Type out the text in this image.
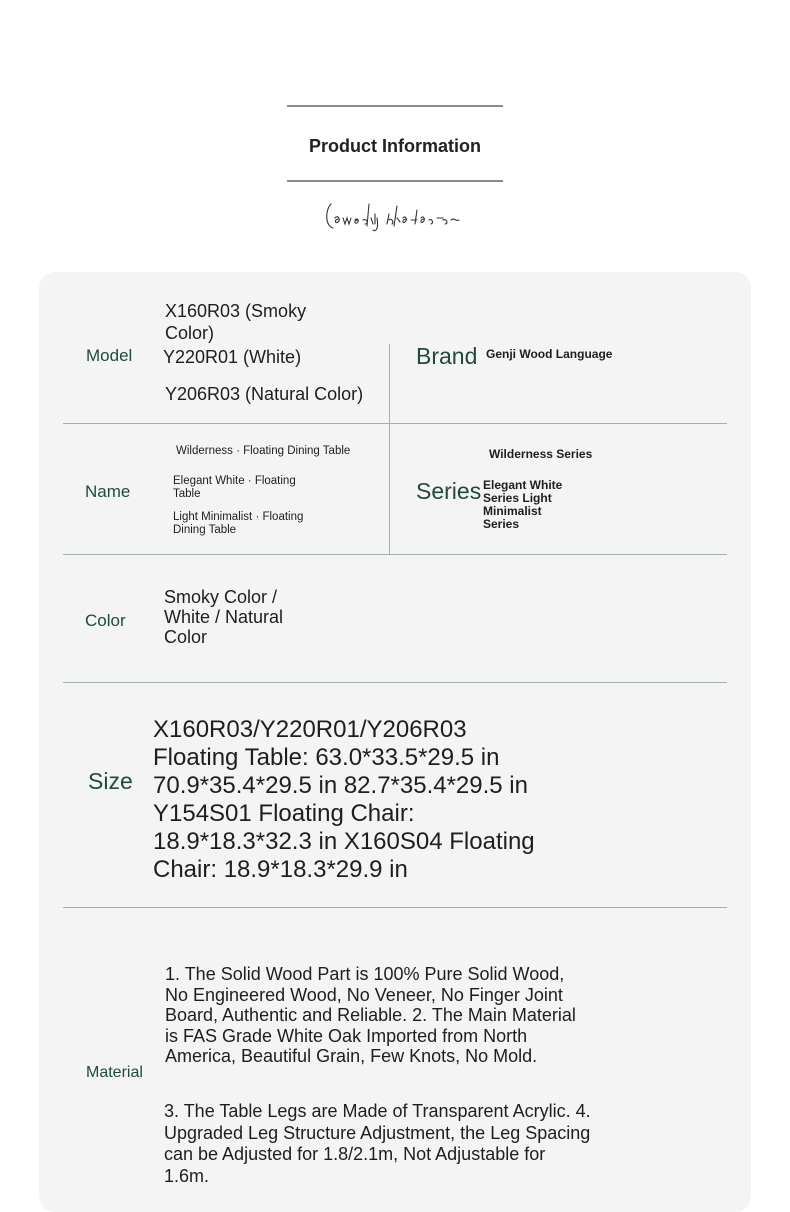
Product Information
Model
X160R03 (Smoky Color)
Y220R01 (White)
Y206R03 (Natural Color)
Brand Genji Wood Language
Name
Wilderness · Floating Dining Table
Elegant White · Floating Table
Light Minimalist · Floating Dining Table
Series
Wilderness Series
Elegant White Series Light Minimalist Series
Color
Smoky Color / White / Natural Color
Size
X160R03/Y220R01/Y206R03 Floating Table: 63.0*33.5*29.5 in 70.9*35.4*29.5 in 82.7*35.4*29.5 in Y154S01 Floating Chair: 18.9*18.3*32.3 in X160S04 Floating Chair: 18.9*18.3*29.9 in
Material
1. The Solid Wood Part is 100% Pure Solid Wood, No Engineered Wood, No Veneer, No Finger Joint Board, Authentic and Reliable. 2. The Main Material is FAS Grade White Oak Imported from North America, Beautiful Grain, Few Knots, No Mold.
3. The Table Legs are Made of Transparent Acrylic. 4. Upgraded Leg Structure Adjustment, the Leg Spacing can be Adjusted for 1.8/2.1m, Not Adjustable for 1.6m.
